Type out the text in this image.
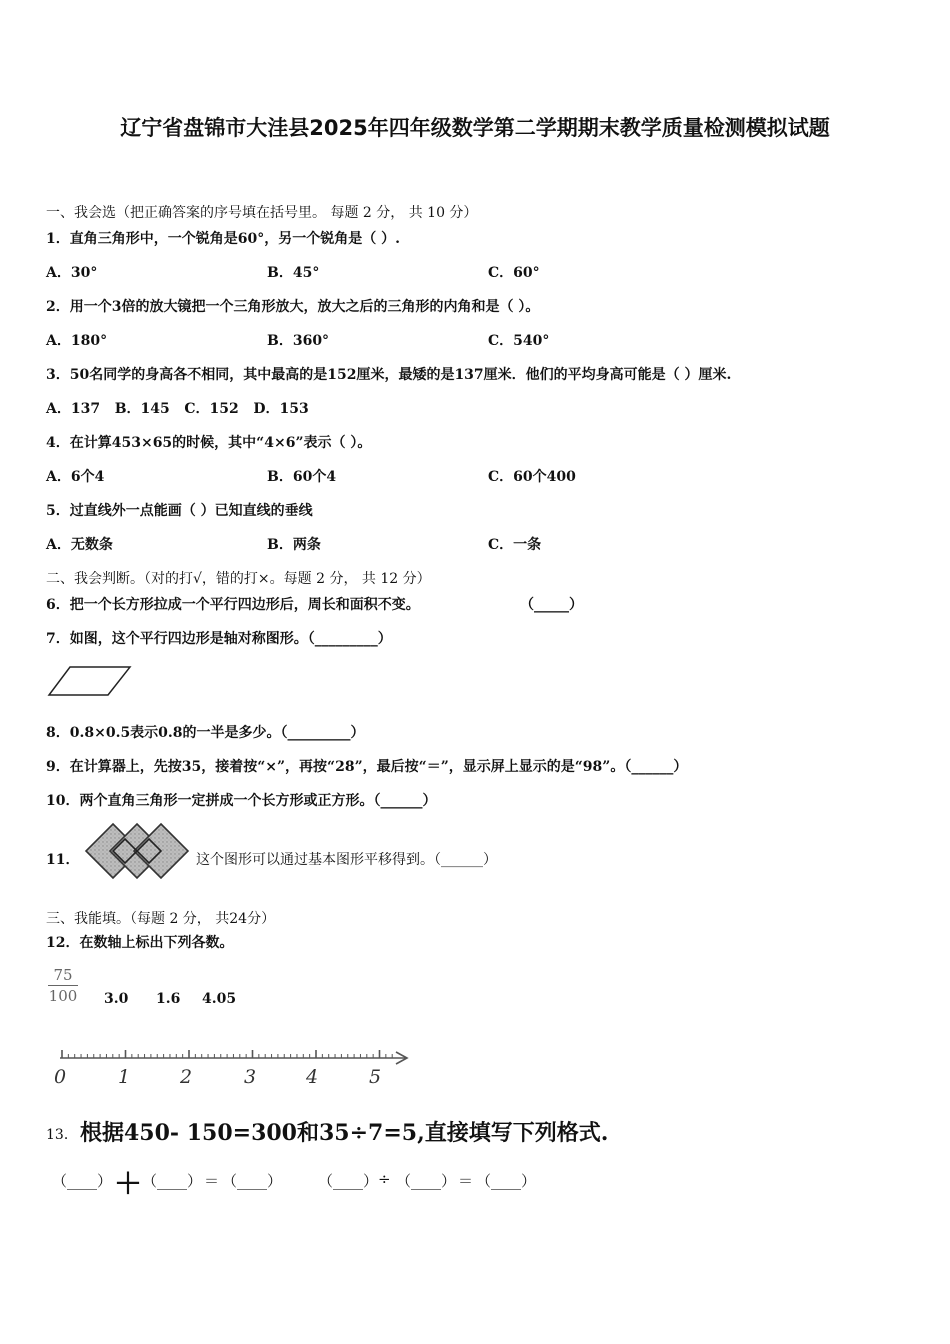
辽宁省盘锦市大洼县2025年四年级数学第二学期期末教学质量检测模拟试题
一、我会选（把正确答案的序号填在括号里。 每题 2 分， 共 10 分）
1．直角三角形中，一个锐角是60°，另一个锐角是（ ）.
A．30°	B．45°	C．60°
2．用一个3倍的放大镜把一个三角形放大，放大之后的三角形的内角和是（ ）。
A．180°	B．360°	C．540°
3．50名同学的身高各不相同，其中最高的是152厘米，最矮的是137厘米．他们的平均身高可能是（ ）厘米.
A．137   B．145   C．152   D．153
4．在计算453×65的时候，其中“4×6”表示（ ）。
A．6个4	B．60个4	C．60个400
5．过直线外一点能画（ ）已知直线的垂线
A．无数条	B．两条	C．一条
二、我会判断。（对的打√，错的打×。每题 2 分， 共 12 分）
6．把一个长方形拉成一个平行四边形后，周长和面积不变。	（_____）
7．如图，这个平行四边形是轴对称图形。（_________）
8．0.8×0.5表示0.8的一半是多少。（_________）
9．在计算器上，先按35，接着按“×”，再按“28”，最后按“＝”，显示屏上显示的是“98”。（______）
10．两个直角三角形一定拼成一个长方形或正方形。（______）
11．	这个图形可以通过基本图形平移得到。（______）
三、我能填。（每题 2 分， 共24分）
12．在数轴上标出下列各数。
75
100 3.0 1.6 4.05
0	1	2	3	4	5
13． 根据450- 150=300和35÷7=5,直接填写下列格式.
（____） ＋ （____） ＝ （____） （____） ÷ （____） ＝ （____）
